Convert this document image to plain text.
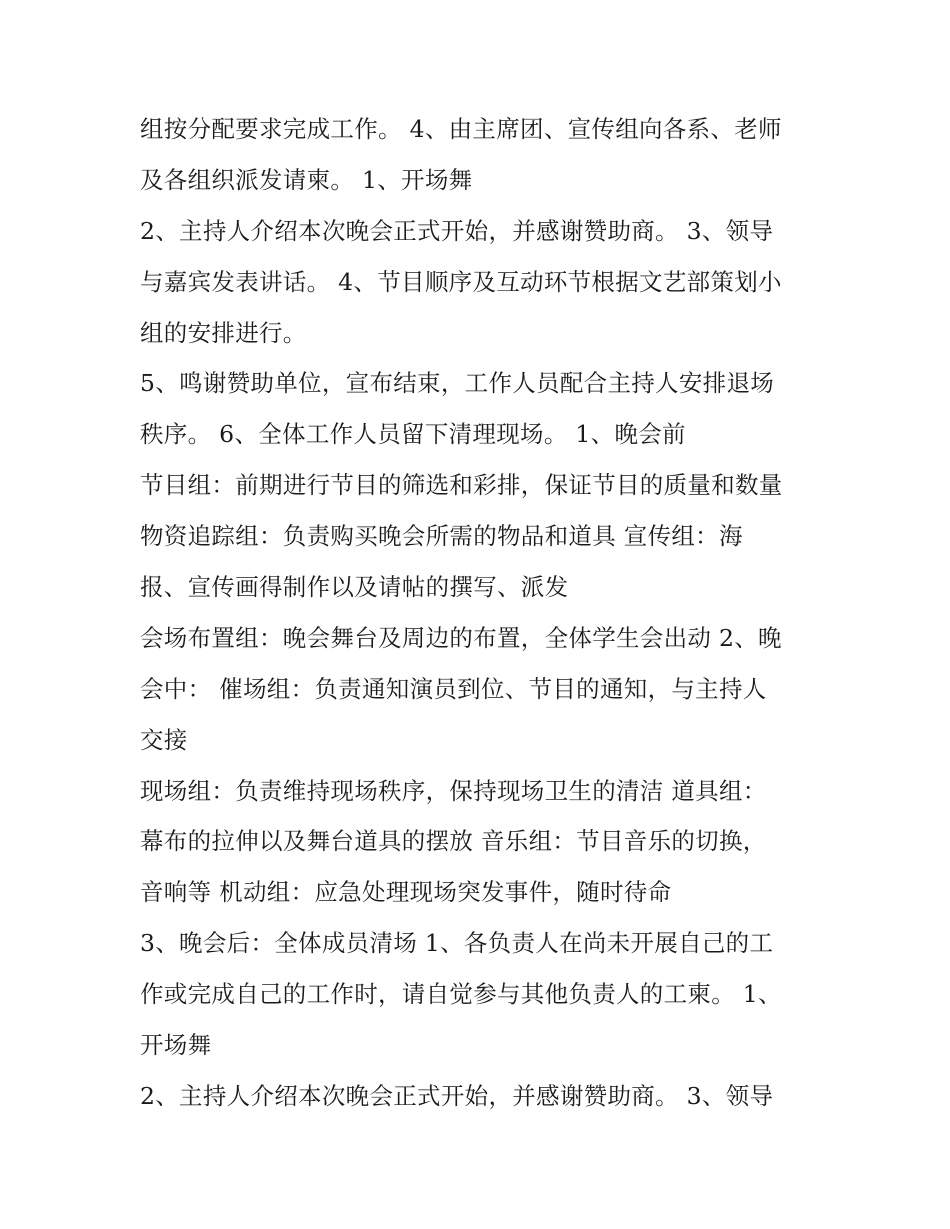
组按分配要求完成工作。 4、由主席团、宣传组向各系、老师
及各组织派发请柬。 1、开场舞
2、主持人介绍本次晚会正式开始，并感谢赞助商。 3、领导
与嘉宾发表讲话。 4、节目顺序及互动环节根据文艺部策划小
组的安排进行。
5、鸣谢赞助单位，宣布结束，工作人员配合主持人安排退场
秩序。 6、全体工作人员留下清理现场。 1、晚会前
节目组：前期进行节目的筛选和彩排，保证节目的质量和数量
物资追踪组：负责购买晚会所需的物品和道具 宣传组：海
报、宣传画得制作以及请帖的撰写、派发
会场布置组：晚会舞台及周边的布置，全体学生会出动 2、晚
会中： 催场组：负责通知演员到位、节目的通知，与主持人
交接
现场组：负责维持现场秩序，保持现场卫生的清洁 道具组：
幕布的拉伸以及舞台道具的摆放 音乐组：节目音乐的切换，
音响等 机动组：应急处理现场突发事件，随时待命
3、晚会后：全体成员清场 1、各负责人在尚未开展自己的工
作或完成自己的工作时，请自觉参与其他负责人的工柬。 1、
开场舞
2、主持人介绍本次晚会正式开始，并感谢赞助商。 3、领导
